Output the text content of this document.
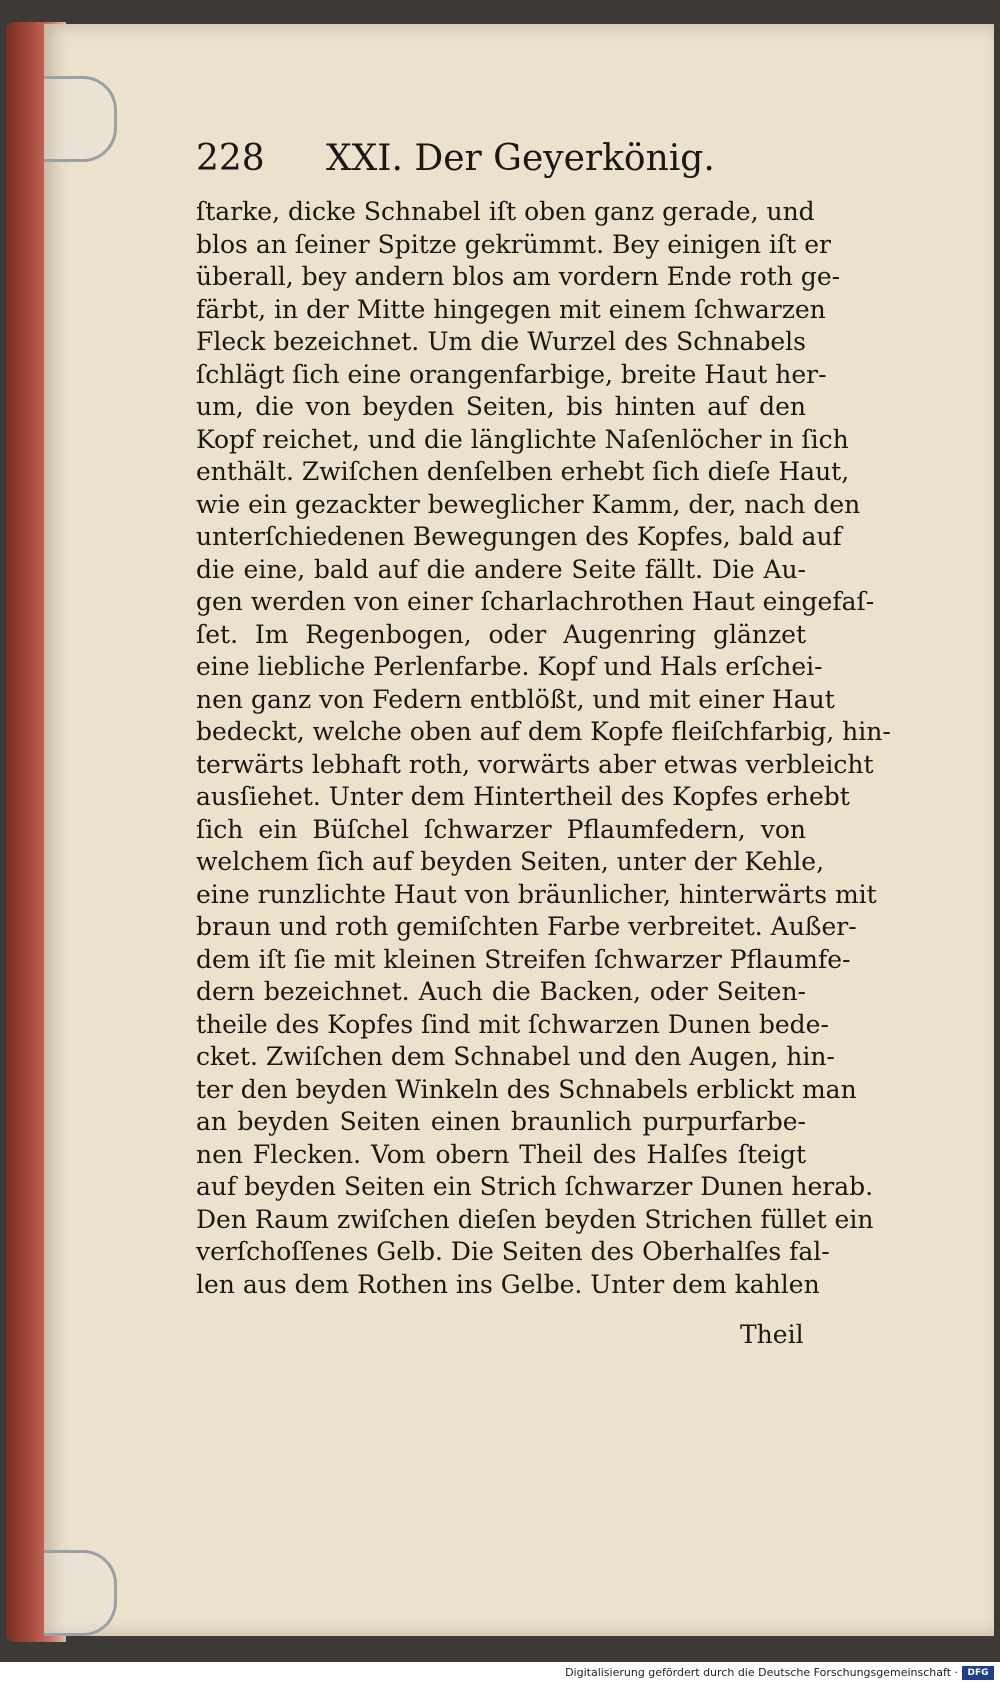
228 XXI. Der Geyerkönig.
ſtarke, dicke Schnabel iſt oben ganz gerade, und
blos an ſeiner Spitze gekrümmt. Bey einigen iſt er
überall, bey andern blos am vordern Ende roth ge-
färbt, in der Mitte hingegen mit einem ſchwarzen
Fleck bezeichnet. Um die Wurzel des Schnabels
ſchlägt ſich eine orangenfarbige, breite Haut her-
um, die von beyden Seiten, bis hinten auf den
Kopf reichet, und die länglichte Naſenlöcher in ſich
enthält. Zwiſchen denſelben erhebt ſich dieſe Haut,
wie ein gezackter beweglicher Kamm, der, nach den
unterſchiedenen Bewegungen des Kopfes, bald auf
die eine, bald auf die andere Seite fällt. Die Au-
gen werden von einer ſcharlachrothen Haut eingefaſ-
ſet. Im Regenbogen, oder Augenring glänzet
eine liebliche Perlenfarbe. Kopf und Hals erſchei-
nen ganz von Federn entblößt, und mit einer Haut
bedeckt, welche oben auf dem Kopfe fleiſchfarbig, hin-
terwärts lebhaft roth, vorwärts aber etwas verbleicht
ausſiehet. Unter dem Hintertheil des Kopfes erhebt
ſich ein Büſchel ſchwarzer Pflaumfedern, von
welchem ſich auf beyden Seiten, unter der Kehle,
eine runzlichte Haut von bräunlicher, hinterwärts mit
braun und roth gemiſchten Farbe verbreitet. Außer-
dem iſt ſie mit kleinen Streifen ſchwarzer Pflaumfe-
dern bezeichnet. Auch die Backen, oder Seiten-
theile des Kopfes ſind mit ſchwarzen Dunen bede-
cket. Zwiſchen dem Schnabel und den Augen, hin-
ter den beyden Winkeln des Schnabels erblickt man
an beyden Seiten einen braunlich purpurfarbe-
nen Flecken. Vom obern Theil des Halſes ſteigt
auf beyden Seiten ein Strich ſchwarzer Dunen herab.
Den Raum zwiſchen dieſen beyden Strichen füllet ein
verſchoſſenes Gelb. Die Seiten des Oberhalſes fal-
len aus dem Rothen ins Gelbe. Unter dem kahlen
Theil
Digitalisierung gefördert durch die Deutsche Forschungsgemeinschaft ·	DFG
